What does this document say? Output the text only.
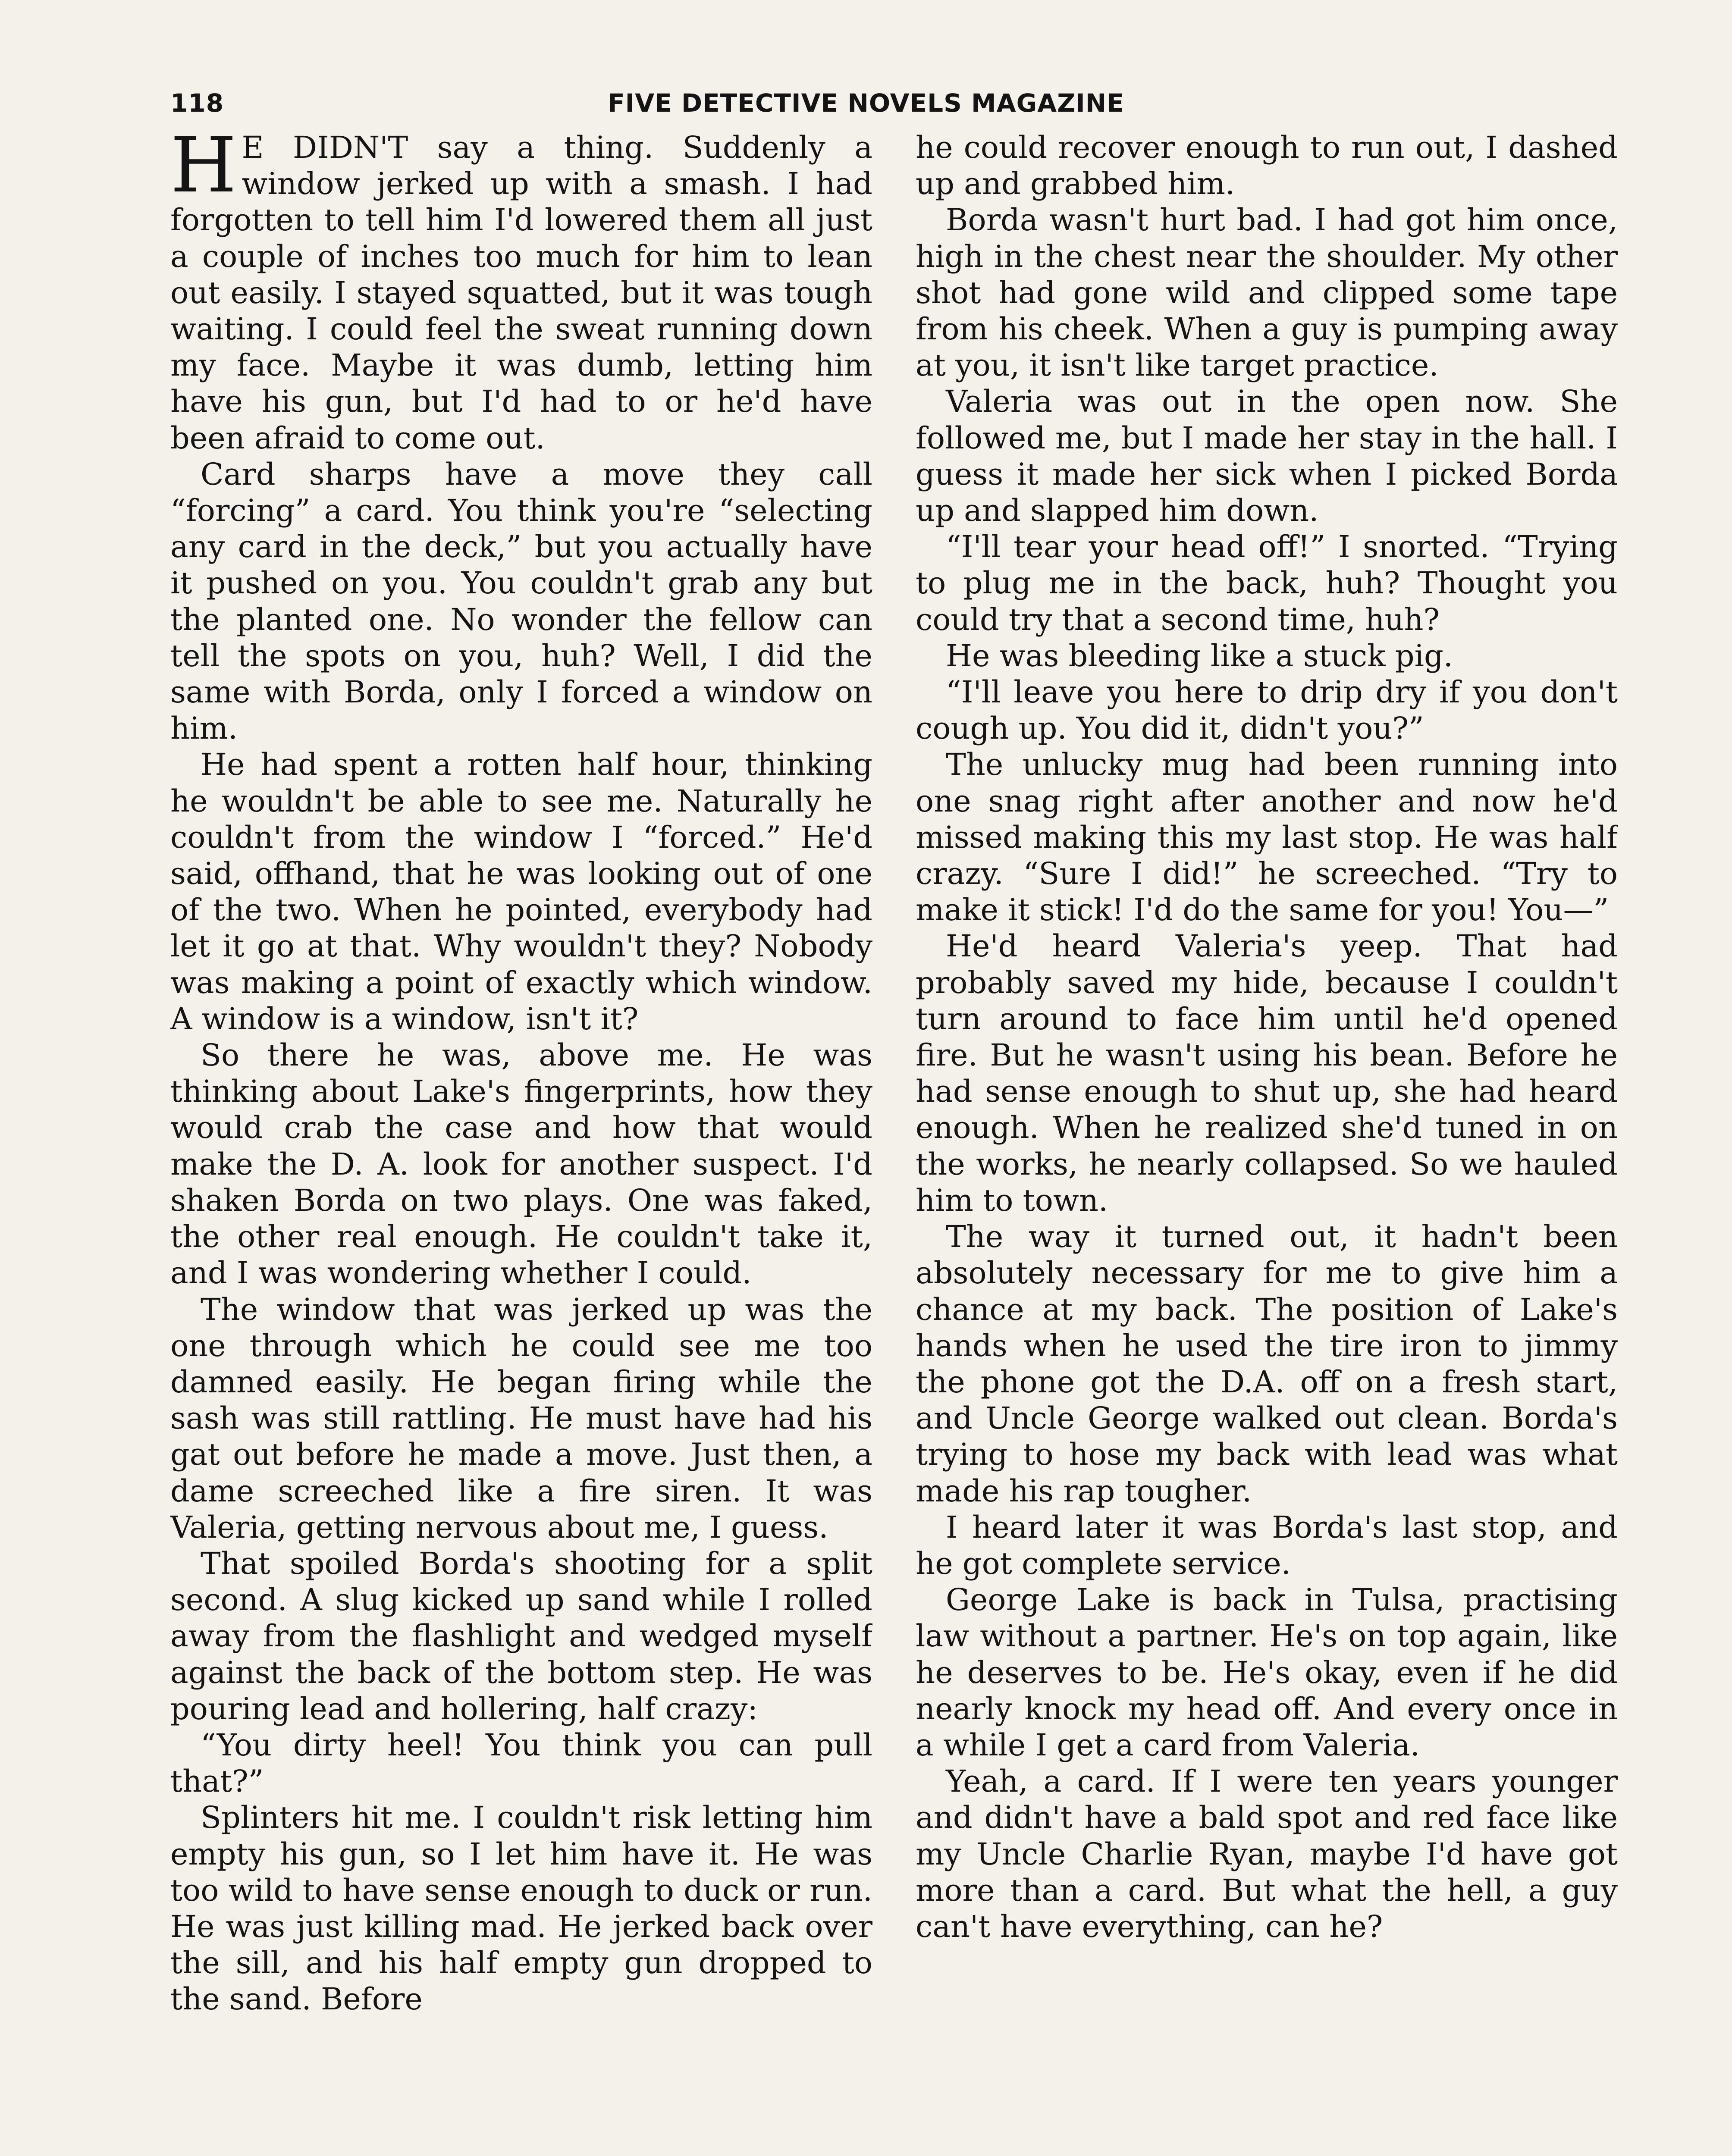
118	FIVE DETECTIVE NOVELS MAGAZINE

H E DIDN'T say a thing. Suddenly a window jerked up with a smash. I had forgotten to tell him I'd lowered them all just a couple of inches too much for him to lean out easily. I stayed squatted, but it was tough waiting. I could feel the sweat running down my face. Maybe it was dumb, letting him have his gun, but I'd had to or he'd have been afraid to come out.

Card sharps have a move they call “forcing” a card. You think you're “selecting any card in the deck,” but you actually have it pushed on you. You couldn't grab any but the planted one. No wonder the fellow can tell the spots on you, huh? Well, I did the same with Borda, only I forced a window on him.

He had spent a rotten half hour, thinking he wouldn't be able to see me. Naturally he couldn't from the window I “forced.” He'd said, offhand, that he was looking out of one of the two. When he pointed, everybody had let it go at that. Why wouldn't they? Nobody was making a point of exactly which window. A window is a window, isn't it?

So there he was, above me. He was thinking about Lake's fingerprints, how they would crab the case and how that would make the D. A. look for another suspect. I'd shaken Borda on two plays. One was faked, the other real enough. He couldn't take it, and I was wondering whether I could.

The window that was jerked up was the one through which he could see me too damned easily. He began firing while the sash was still rattling. He must have had his gat out before he made a move. Just then, a dame screeched like a fire siren. It was Valeria, getting nervous about me, I guess.

That spoiled Borda's shooting for a split second. A slug kicked up sand while I rolled away from the flashlight and wedged myself against the back of the bottom step. He was pouring lead and hollering, half crazy:

“You dirty heel! You think you can pull that?”

Splinters hit me. I couldn't risk letting him empty his gun, so I let him have it. He was too wild to have sense enough to duck or run. He was just killing mad. He jerked back over the sill, and his half empty gun dropped to the sand. Before

he could recover enough to run out, I dashed up and grabbed him.

Borda wasn't hurt bad. I had got him once, high in the chest near the shoulder. My other shot had gone wild and clipped some tape from his cheek. When a guy is pumping away at you, it isn't like target practice.

Valeria was out in the open now. She followed me, but I made her stay in the hall. I guess it made her sick when I picked Borda up and slapped him down.

“I'll tear your head off!” I snorted. “Trying to plug me in the back, huh? Thought you could try that a second time, huh?

He was bleeding like a stuck pig.

“I'll leave you here to drip dry if you don't cough up. You did it, didn't you?”

The unlucky mug had been running into one snag right after another and now he'd missed making this my last stop. He was half crazy. “Sure I did!” he screeched. “Try to make it stick! I'd do the same for you! You—”

He'd heard Valeria's yeep. That had probably saved my hide, because I couldn't turn around to face him until he'd opened fire. But he wasn't using his bean. Before he had sense enough to shut up, she had heard enough. When he realized she'd tuned in on the works, he nearly collapsed. So we hauled him to town.

The way it turned out, it hadn't been absolutely necessary for me to give him a chance at my back. The position of Lake's hands when he used the tire iron to jimmy the phone got the D.A. off on a fresh start, and Uncle George walked out clean. Borda's trying to hose my back with lead was what made his rap tougher.

I heard later it was Borda's last stop, and he got complete service.

George Lake is back in Tulsa, practising law without a partner. He's on top again, like he deserves to be. He's okay, even if he did nearly knock my head off. And every once in a while I get a card from Valeria.

Yeah, a card. If I were ten years younger and didn't have a bald spot and red face like my Uncle Charlie Ryan, maybe I'd have got more than a card. But what the hell, a guy can't have everything, can he?
